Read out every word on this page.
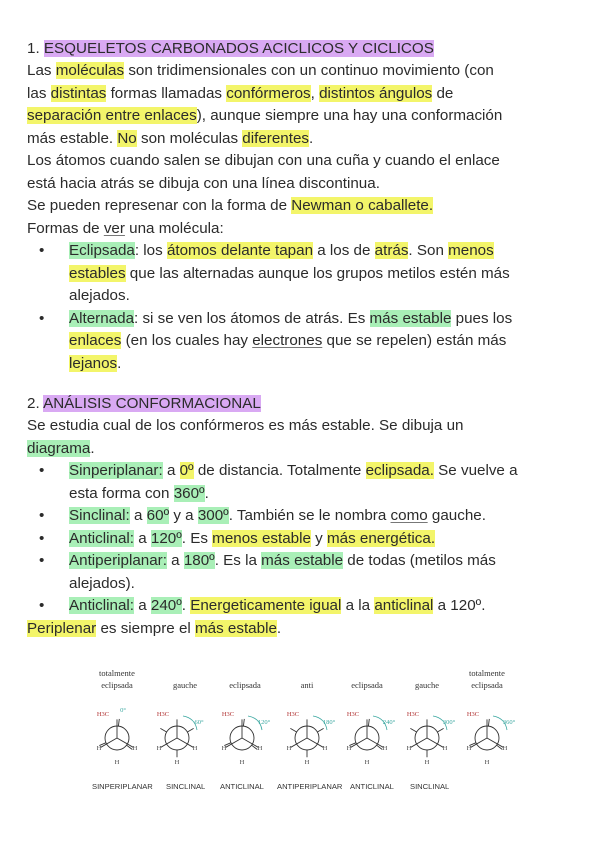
1. ESQUELETOS CARBONADOS ACICLICOS Y CICLICOS
Las moléculas son tridimensionales con un continuo movimiento (con
las distintas formas llamadas confórmeros, distintos ángulos de
separación entre enlaces), aunque siempre una hay una conformación
más estable. No son moléculas diferentes.
Los átomos cuando salen se dibujan con una cuña y cuando el enlace
está hacia atrás se dibuja con una línea discontinua.
Se pueden represenar con la forma de Newman o caballete.
Formas de ver una molécula:
• Eclipsada: los átomos delante tapan a los de atrás. Son menos
estables que las alternadas aunque los grupos metilos estén más
alejados.
• Alternada: si se ven los átomos de atrás. Es más estable pues los
enlaces (en los cuales hay electrones que se repelen) están más
lejanos.
2. ANÁLISIS CONFORMACIONAL
Se estudia cual de los confórmeros es más estable. Se dibuja un
diagrama.
• Sinperiplanar: a 0º de distancia. Totalmente eclipsada. Se vuelve a
esta forma con 360º.
• Sinclinal: a 60º y a 300º. También se le nombra como gauche.
• Anticlinal: a 120º. Es menos estable y más energética.
• Antiperiplanar: a 180º. Es la más estable de todas (metilos más
alejados).
• Anticlinal: a 240º. Energeticamente igual a la anticlinal a 120º.
Periplenar es siempre el más estable.
totalmente
eclipsada	gauche	eclipsada	anti	eclipsada	gauche
totalmente
eclipsada
H3C
H	H
H
0°
H3C
H	H
H
60°
H3C
H	H
H
120°
H3C
H	H
H
180°
H3C
H	H
H
240°
H3C
H	H
H
300°
H3C
H	H
H
360°
SINPERIPLANAR SINCLINAL ANTICLINAL ANTIPERIPLANAR ANTICLINAL SINCLINAL
